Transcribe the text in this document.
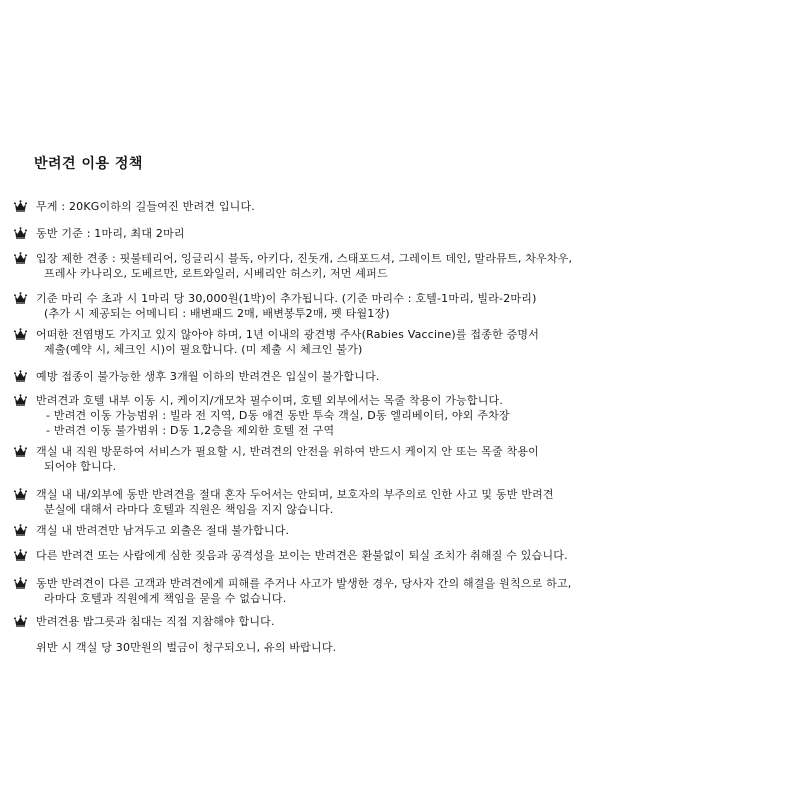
반려견 이용 정책
무게 : 20KG이하의 길들여진 반려견 입니다.
동반 기준 : 1마리, 최대 2마리
입장 제한 견종 : 핏불테리어, 잉글리시 블독, 아키다, 진돗개, 스태포드셔, 그레이트 데인, 말라뮤트, 차우차우,
프레사 카나리오, 도베르만, 로트와일러, 시베리안 허스키, 저먼 셰퍼드
기준 마리 수 초과 시 1마리 당 30,000원(1박)이 추가됩니다. (기준 마리수 : 호텔-1마리, 빌라-2마리)
(추가 시 제공되는 어메니티 : 배변패드 2매, 배변봉투2매, 펫 타월1장)
어떠한 전염병도 가지고 있지 않아야 하며, 1년 이내의 광견병 주사(Rabies Vaccine)를 접종한 증명서
제출(예약 시, 체크인 시)이 필요합니다. (미 제출 시 체크인 불가)
예방 접종이 불가능한 생후 3개월 이하의 반려견은 입실이 불가합니다.
반려견과 호텔 내부 이동 시, 케이지/개모차 필수이며, 호텔 외부에서는 목줄 착용이 가능합니다.
- 반려견 이동 가능범위 : 빌라 전 지역, D동 애견 동반 투숙 객실, D동 엘리베이터, 야외 주차장
- 반려견 이동 불가범위 : D동 1,2층을 제외한 호텔 전 구역
객실 내 직원 방문하여 서비스가 필요할 시, 반려견의 안전을 위하여 반드시 케이지 안 또는 목줄 착용이
되어야 합니다.
객실 내 내/외부에 동반 반려견을 절대 혼자 두어서는 안되며, 보호자의 부주의로 인한 사고 및 동반 반려견
분실에 대해서 라마다 호텔과 직원은 책임을 지지 않습니다.
객실 내 반려견만 남겨두고 외출은 절대 불가합니다.
다른 반려견 또는 사람에게 심한 짖음과 공격성을 보이는 반려견은 환불없이 퇴실 조치가 취해질 수 있습니다.
동반 반려견이 다른 고객과 반려견에게 피해를 주거나 사고가 발생한 경우, 당사자 간의 해결을 원칙으로 하고,
라마다 호텔과 직원에게 책임을 묻을 수 없습니다.
반려견용 밥그릇과 침대는 직접 지참해야 합니다.
위반 시 객실 당 30만원의 벌금이 청구되오니, 유의 바랍니다.
